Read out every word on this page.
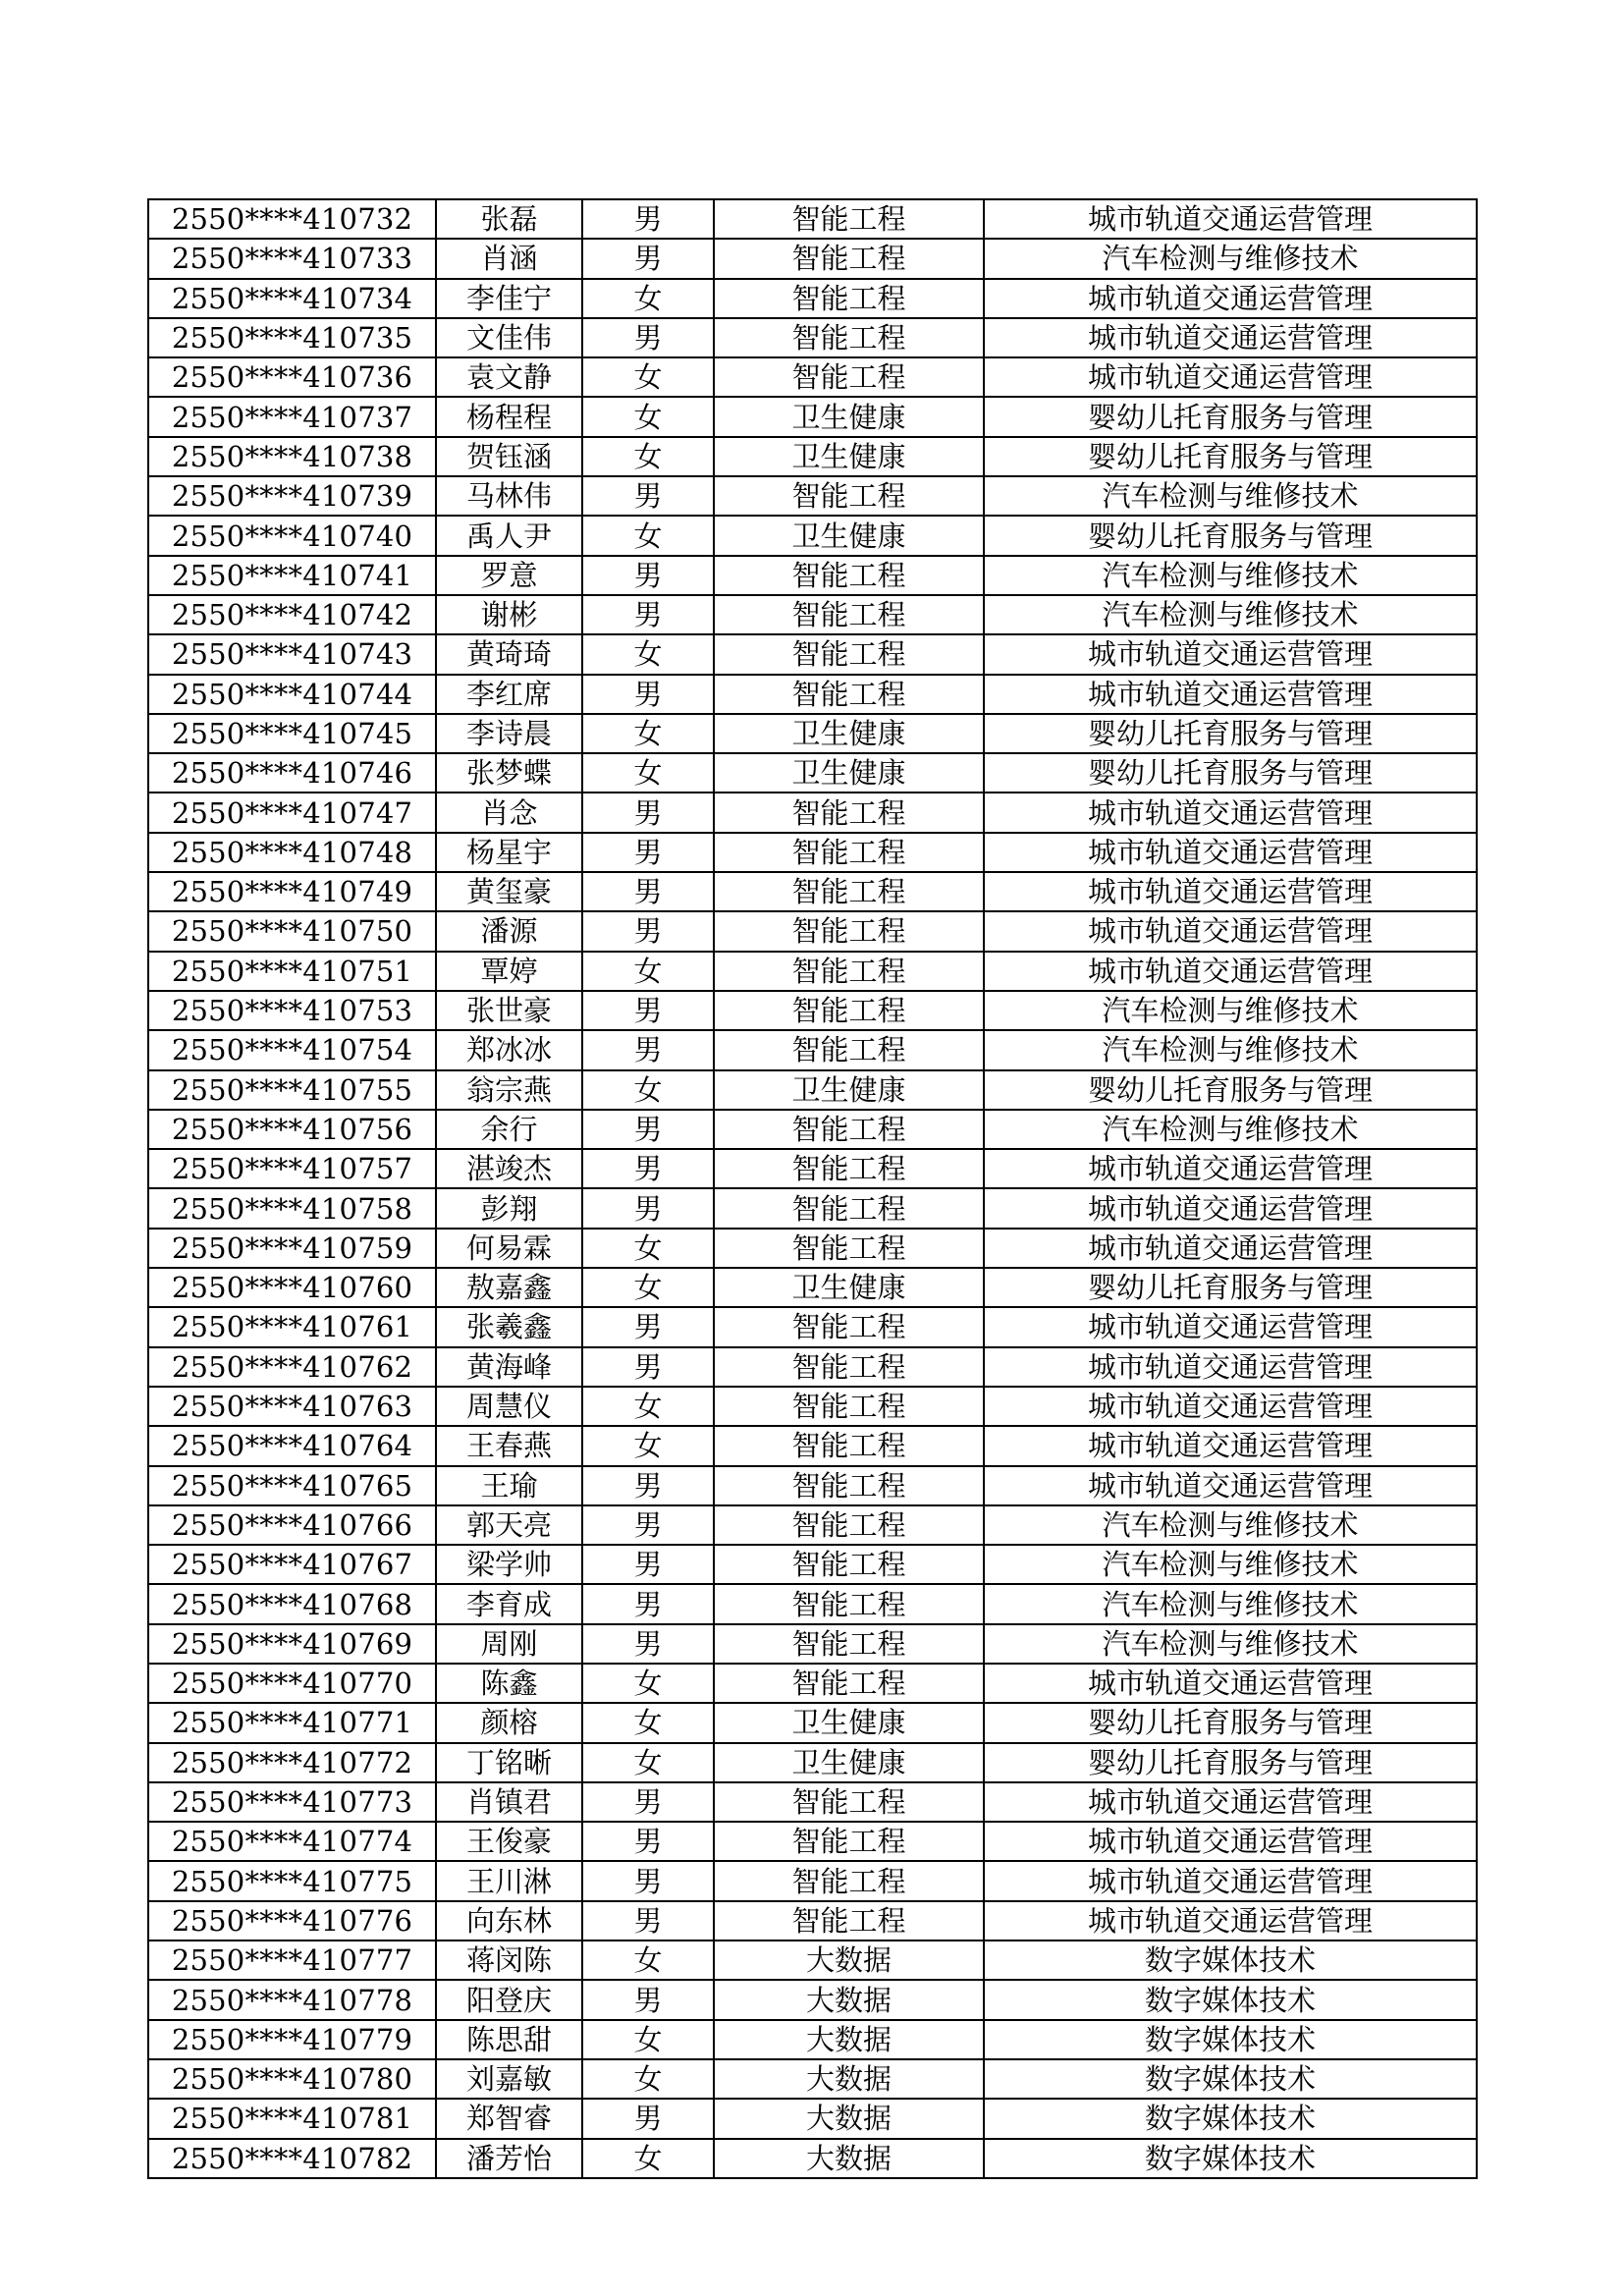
2550****410732	张磊	男	智能工程	城市轨道交通运营管理
2550****410733	肖涵	男	智能工程	汽车检测与维修技术
2550****410734	李佳宁	女	智能工程	城市轨道交通运营管理
2550****410735	文佳伟	男	智能工程	城市轨道交通运营管理
2550****410736	袁文静	女	智能工程	城市轨道交通运营管理
2550****410737	杨程程	女	卫生健康	婴幼儿托育服务与管理
2550****410738	贺钰涵	女	卫生健康	婴幼儿托育服务与管理
2550****410739	马林伟	男	智能工程	汽车检测与维修技术
2550****410740	禹人尹	女	卫生健康	婴幼儿托育服务与管理
2550****410741	罗意	男	智能工程	汽车检测与维修技术
2550****410742	谢彬	男	智能工程	汽车检测与维修技术
2550****410743	黄琦琦	女	智能工程	城市轨道交通运营管理
2550****410744	李红席	男	智能工程	城市轨道交通运营管理
2550****410745	李诗晨	女	卫生健康	婴幼儿托育服务与管理
2550****410746	张梦蝶	女	卫生健康	婴幼儿托育服务与管理
2550****410747	肖念	男	智能工程	城市轨道交通运营管理
2550****410748	杨星宇	男	智能工程	城市轨道交通运营管理
2550****410749	黄玺豪	男	智能工程	城市轨道交通运营管理
2550****410750	潘源	男	智能工程	城市轨道交通运营管理
2550****410751	覃婷	女	智能工程	城市轨道交通运营管理
2550****410753	张世豪	男	智能工程	汽车检测与维修技术
2550****410754	郑冰冰	男	智能工程	汽车检测与维修技术
2550****410755	翁宗燕	女	卫生健康	婴幼儿托育服务与管理
2550****410756	余行	男	智能工程	汽车检测与维修技术
2550****410757	湛竣杰	男	智能工程	城市轨道交通运营管理
2550****410758	彭翔	男	智能工程	城市轨道交通运营管理
2550****410759	何易霖	女	智能工程	城市轨道交通运营管理
2550****410760	敖嘉鑫	女	卫生健康	婴幼儿托育服务与管理
2550****410761	张羲鑫	男	智能工程	城市轨道交通运营管理
2550****410762	黄海峰	男	智能工程	城市轨道交通运营管理
2550****410763	周慧仪	女	智能工程	城市轨道交通运营管理
2550****410764	王春燕	女	智能工程	城市轨道交通运营管理
2550****410765	王瑜	男	智能工程	城市轨道交通运营管理
2550****410766	郭天亮	男	智能工程	汽车检测与维修技术
2550****410767	梁学帅	男	智能工程	汽车检测与维修技术
2550****410768	李育成	男	智能工程	汽车检测与维修技术
2550****410769	周刚	男	智能工程	汽车检测与维修技术
2550****410770	陈鑫	女	智能工程	城市轨道交通运营管理
2550****410771	颜榕	女	卫生健康	婴幼儿托育服务与管理
2550****410772	丁铭晰	女	卫生健康	婴幼儿托育服务与管理
2550****410773	肖镇君	男	智能工程	城市轨道交通运营管理
2550****410774	王俊豪	男	智能工程	城市轨道交通运营管理
2550****410775	王川淋	男	智能工程	城市轨道交通运营管理
2550****410776	向东林	男	智能工程	城市轨道交通运营管理
2550****410777	蒋闵陈	女	大数据	数字媒体技术
2550****410778	阳登庆	男	大数据	数字媒体技术
2550****410779	陈思甜	女	大数据	数字媒体技术
2550****410780	刘嘉敏	女	大数据	数字媒体技术
2550****410781	郑智睿	男	大数据	数字媒体技术
2550****410782	潘芳怡	女	大数据	数字媒体技术
